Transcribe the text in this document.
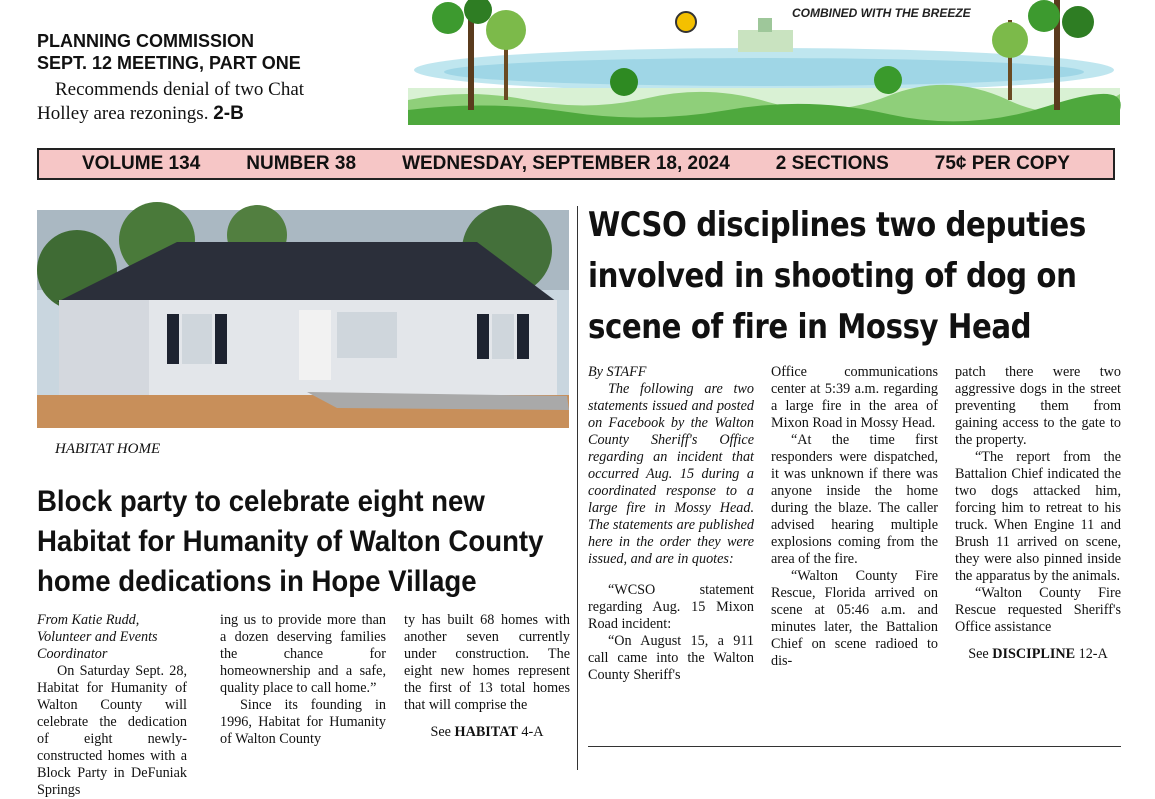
PLANNING COMMISSION
SEPT. 12 MEETING, PART ONE
Recommends denial of two Chat
Holley area rezonings. 2-B
COMBINED WITH THE BREEZE
VOLUME 134 NUMBER 38 WEDNESDAY, SEPTEMBER 18, 2024 2 SECTIONS 75¢ PER COPY
HABITAT HOME
Block party to celebrate eight new Habitat for Humanity of Walton County home dedications in Hope Village

From Katie Rudd,

Volunteer and Events Coordinator

On Saturday Sept. 28, Habitat for Humanity of Walton County will celebrate the dedication of eight newly-constructed homes with a Block Party in DeFuniak Springs

ing us to provide more than a dozen deserving families the chance for homeownership and a safe, quality place to call home.”

Since its founding in 1996, Habitat for Humanity of Walton County

ty has built 68 homes with another seven currently under construction. The eight new homes represent the first of 13 total homes that will comprise the

See HABITAT 4-A

WCSO disciplines two deputies involved in shooting of dog on scene of fire in Mossy Head

By STAFF

The following are two statements issued and posted on Facebook by the Walton County Sheriff's Office regarding an incident that occurred Aug. 15 during a coordinated response to a large fire in Mossy Head. The statements are published here in the order they were issued, and are in quotes:

“WCSO statement regarding Aug. 15 Mixon Road incident:

“On August 15, a 911 call came into the Walton County Sheriff's

Office communications center at 5:39 a.m. regarding a large fire in the area of Mixon Road in Mossy Head.

“At the time first responders were dispatched, it was unknown if there was anyone inside the home during the blaze. The caller advised hearing multiple explosions coming from the area of the fire.

“Walton County Fire Rescue, Florida arrived on scene at 05:46 a.m. and minutes later, the Battalion Chief on scene radioed to dis-

patch there were two aggressive dogs in the street preventing them from gaining access to the gate to the property.

“The report from the Battalion Chief indicated the two dogs attacked him, forcing him to retreat to his truck. When Engine 11 and Brush 11 arrived on scene, they were also pinned inside the apparatus by the animals.

“Walton County Fire Rescue requested Sheriff's Office assistance

See DISCIPLINE 12-A
